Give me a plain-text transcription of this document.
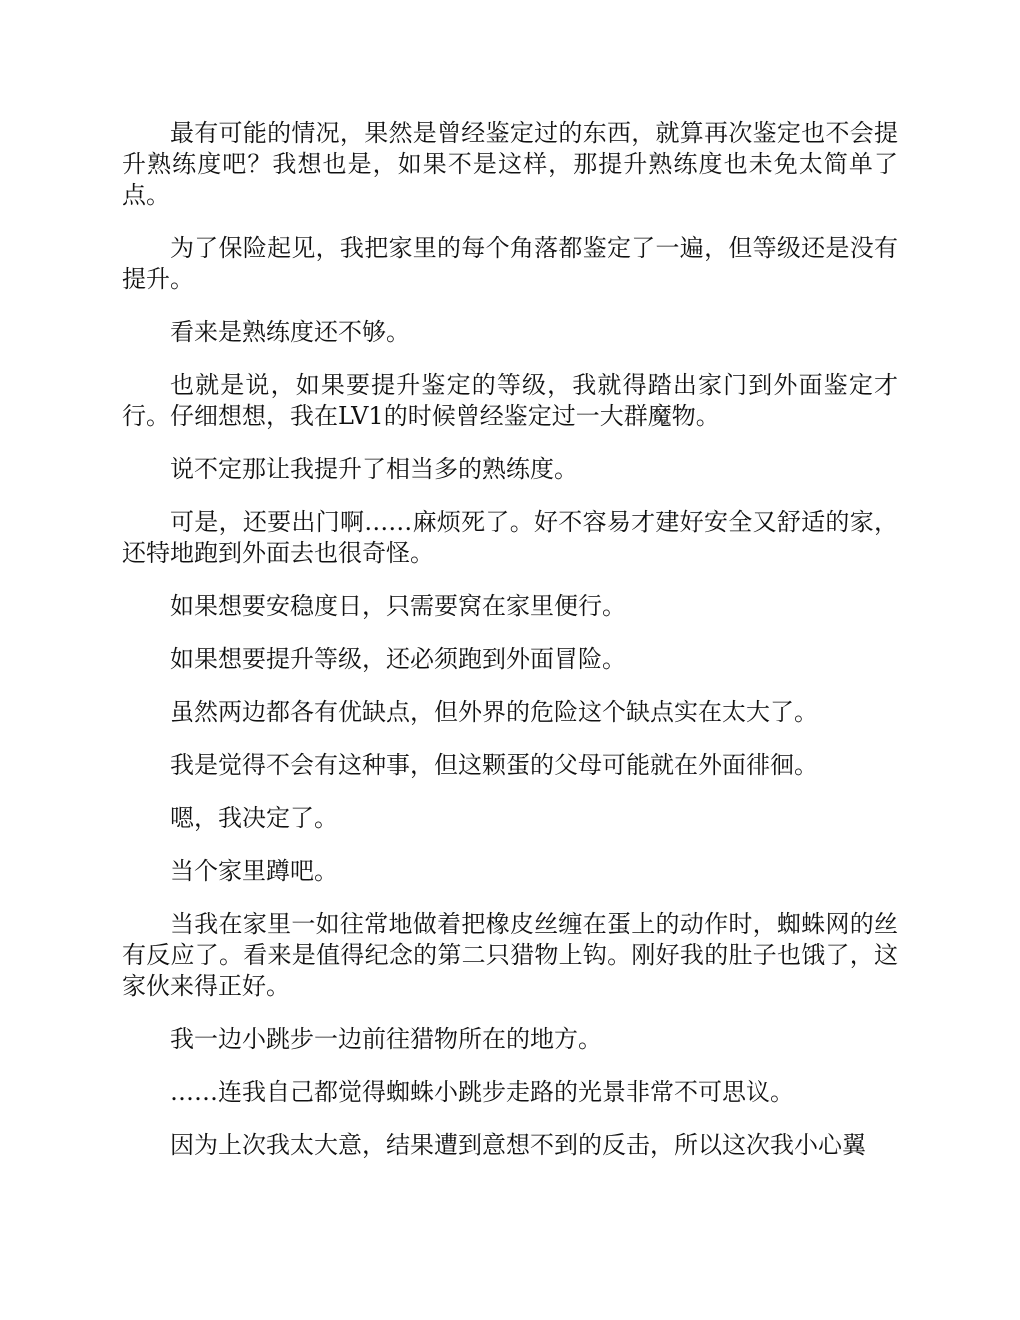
最有可能的情况，果然是曾经鉴定过的东西，就算再次鉴定也不会提升熟练度吧？我想也是，如果不是这样，那提升熟练度也未免太简单了点。

为了保险起见，我把家里的每个角落都鉴定了一遍，但等级还是没有提升。

看来是熟练度还不够。

也就是说，如果要提升鉴定的等级，我就得踏出家门到外面鉴定才行。仔细想想，我在LV1的时候曾经鉴定过一大群魔物。

说不定那让我提升了相当多的熟练度。

可是，还要出门啊……麻烦死了。好不容易才建好安全又舒适的家，还特地跑到外面去也很奇怪。

如果想要安稳度日，只需要窝在家里便行。

如果想要提升等级，还必须跑到外面冒险。

虽然两边都各有优缺点，但外界的危险这个缺点实在太大了。

我是觉得不会有这种事，但这颗蛋的父母可能就在外面徘徊。

嗯，我决定了。

当个家里蹲吧。

当我在家里一如往常地做着把橡皮丝缠在蛋上的动作时，蜘蛛网的丝有反应了。看来是值得纪念的第二只猎物上钩。刚好我的肚子也饿了，这家伙来得正好。

我一边小跳步一边前往猎物所在的地方。

……连我自己都觉得蜘蛛小跳步走路的光景非常不可思议。

因为上次我太大意，结果遭到意想不到的反击，所以这次我小心翼
